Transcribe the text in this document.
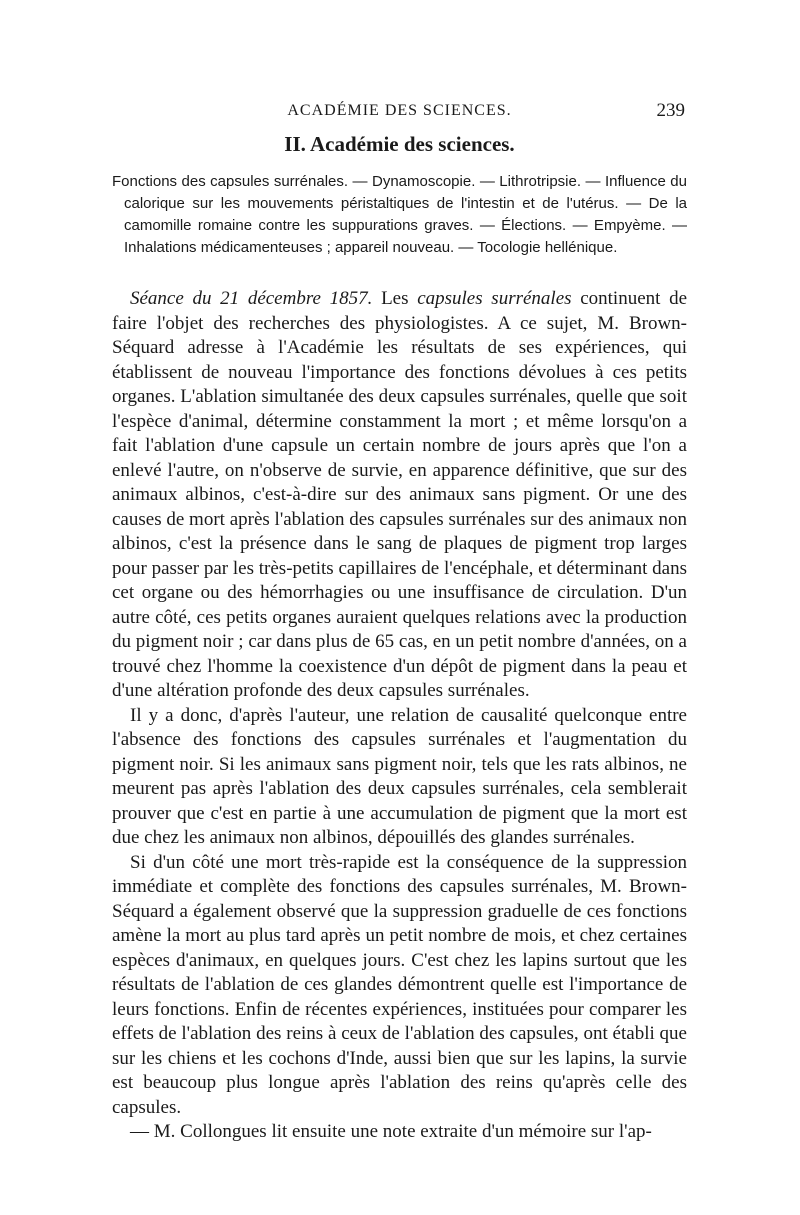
ACADÉMIE DES SCIENCES.	239
II. Académie des sciences.

Fonctions des capsules surrénales. — Dynamoscopie. — Lithrotripsie. — Influence du calorique sur les mouvements péristaltiques de l'intestin et de l'utérus. — De la camomille romaine contre les suppurations graves. — Élections. — Empyème. — Inhalations médicamenteuses ; appareil nouveau. — Tocologie hellénique.

Séance du 21 décembre 1857. Les capsules surrénales continuent de faire l'objet des recherches des physiologistes. A ce sujet, M. Brown-Séquard adresse à l'Académie les résultats de ses expériences, qui établissent de nouveau l'importance des fonctions dévolues à ces petits organes. L'ablation simultanée des deux capsules surrénales, quelle que soit l'espèce d'animal, détermine constamment la mort ; et même lorsqu'on a fait l'ablation d'une capsule un certain nombre de jours après que l'on a enlevé l'autre, on n'observe de survie, en apparence définitive, que sur des animaux albinos, c'est-à-dire sur des animaux sans pigment. Or une des causes de mort après l'ablation des capsules surrénales sur des animaux non albinos, c'est la présence dans le sang de plaques de pigment trop larges pour passer par les très-petits capillaires de l'encéphale, et déterminant dans cet organe ou des hémorrhagies ou une insuffisance de circulation. D'un autre côté, ces petits organes auraient quelques relations avec la production du pigment noir ; car dans plus de 65 cas, en un petit nombre d'années, on a trouvé chez l'homme la coexistence d'un dépôt de pigment dans la peau et d'une altération profonde des deux capsules surrénales.

Il y a donc, d'après l'auteur, une relation de causalité quelconque entre l'absence des fonctions des capsules surrénales et l'augmentation du pigment noir. Si les animaux sans pigment noir, tels que les rats albinos, ne meurent pas après l'ablation des deux capsules surrénales, cela semblerait prouver que c'est en partie à une accumulation de pigment que la mort est due chez les animaux non albinos, dépouillés des glandes surrénales.

Si d'un côté une mort très-rapide est la conséquence de la suppression immédiate et complète des fonctions des capsules surrénales, M. Brown-Séquard a également observé que la suppression graduelle de ces fonctions amène la mort au plus tard après un petit nombre de mois, et chez certaines espèces d'animaux, en quelques jours. C'est chez les lapins surtout que les résultats de l'ablation de ces glandes démontrent quelle est l'importance de leurs fonctions. Enfin de récentes expériences, instituées pour comparer les effets de l'ablation des reins à ceux de l'ablation des capsules, ont établi que sur les chiens et les cochons d'Inde, aussi bien que sur les lapins, la survie est beaucoup plus longue après l'ablation des reins qu'après celle des capsules.

— M. Collongues lit ensuite une note extraite d'un mémoire sur l'ap-
